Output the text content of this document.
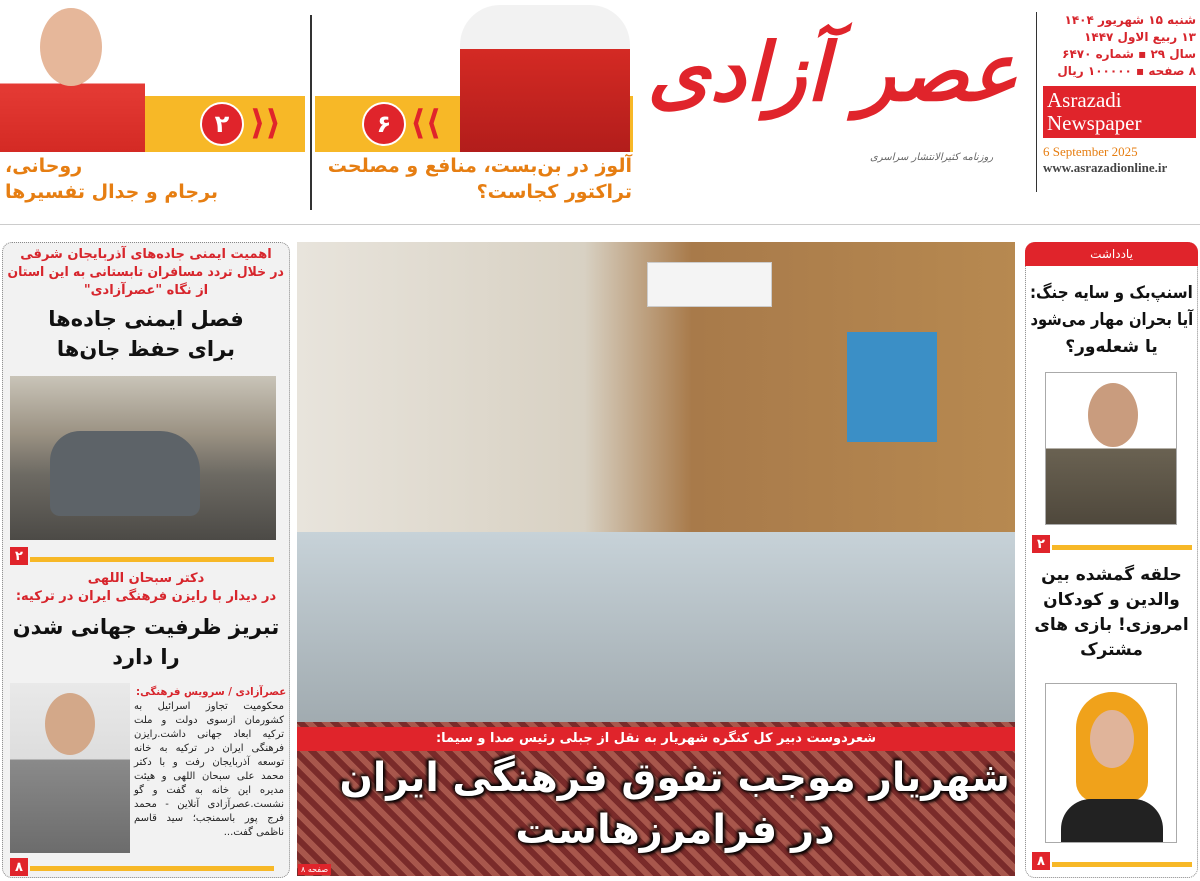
شنبه ۱۵ شهریور ۱۴۰۴
۱۳ ربیع الاول ۱۴۴۷
سال ۲۹ ▪ شماره ۶۴۷۰
۸ صفحه ▪ ۱۰۰۰۰۰ ریال
Asrazadi
Newspaper
6 September 2025
www.asrazadionline.ir
عصر آزادی
روزنامه کثیرالانتشار سراسری
⟩⟩
۶
آلوز در بن‌بست، منافع و مصلحت
تراکتور کجاست؟
۲ ⟨⟨
روحانی،
برجام و جدال تفسیرها
اهمیت ایمنی جاده‌های آذربایجان شرقی
در خلال تردد مسافران تابستانی به این استان
از نگاه "عصرآزادی"
فصل ایمنی جاده‌ها
برای حفظ جان‌ها
۲
دکتر سبحان اللهی
در دیدار با رایزن فرهنگی ایران در ترکیه:
تبریز ظرفیت جهانی شدن
را دارد
عصرآزادی / سرویس فرهنگی:
محکومیت تجاوز اسرائیل به کشورمان ازسوی دولت و ملت ترکیه ابعاد جهانی داشت.رایزن فرهنگی ایران در ترکیه به خانه توسعه آذربایجان رفت و با دکتر محمد علی سبحان اللهی و هیئت مدیره این خانه به گفت و گو نشست.عصرآزادی آنلاین - محمد فرج پور باسمنجب؛ سید قاسم ناظمی گفت...
۸
شعردوست دبیر کل کنگره شهریار به نقل از جبلی رئیس صدا و سیما:
صفحه ۸
شهریار موجب تفوق فرهنگی ایران
در فرامرزهاست
یادداشت
اسنپ‌بک و سایه جنگ:
آیا بحران مهار می‌شود
یا شعله‌ور؟
۲
حلقه گمشده بین
والدین و کودکان
امروزی! بازی های
مشترک
۸
